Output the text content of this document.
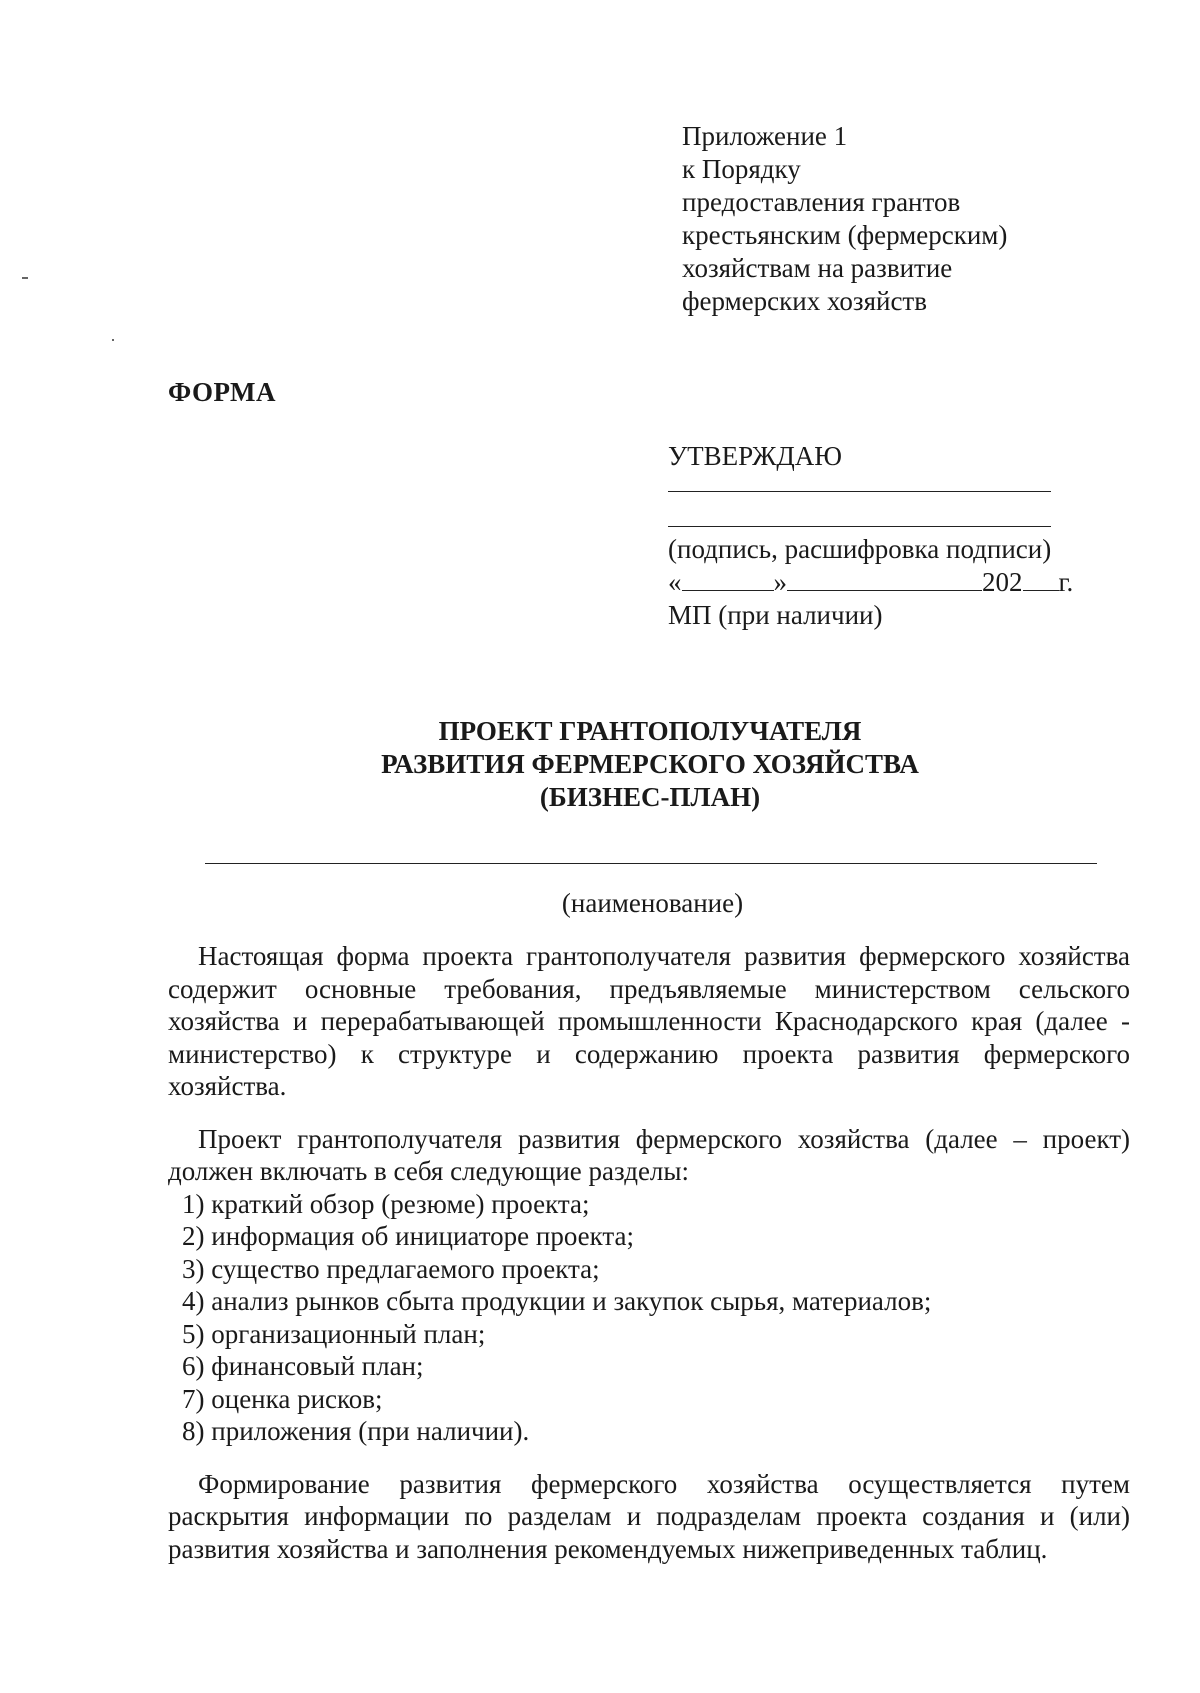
Приложение 1
к Порядку
предоставления грантов
крестьянским (фермерским)
хозяйствам на развитие
фермерских хозяйств
ФОРМА
УТВЕРЖДАЮ
(подпись, расшифровка подписи)
«	»	202 г.
МП (при наличии)
ПРОЕКТ ГРАНТОПОЛУЧАТЕЛЯ
РАЗВИТИЯ ФЕРМЕРСКОГО ХОЗЯЙСТВА
(БИЗНЕС-ПЛАН)
(наименование)

Настоящая форма проекта грантополучателя развития фермерского хозяйства содержит основные требования, предъявляемые министерством сельского хозяйства и перерабатывающей промышленности Краснодарского края (далее - министерство) к структуре и содержанию проекта развития фермерского хозяйства.

Проект грантополучателя развития фермерского хозяйства (далее – проект) должен включать в себя следующие разделы:

1) краткий обзор (резюме) проекта;
2) информация об инициаторе проекта;
3) существо предлагаемого проекта;
4) анализ рынков сбыта продукции и закупок сырья, материалов;
5) организационный план;
6) финансовый план;
7) оценка рисков;
8) приложения (при наличии).

Формирование развития фермерского хозяйства осуществляется путем раскрытия информации по разделам и подразделам проекта создания и (или) развития хозяйства и заполнения рекомендуемых нижеприведенных таблиц.
